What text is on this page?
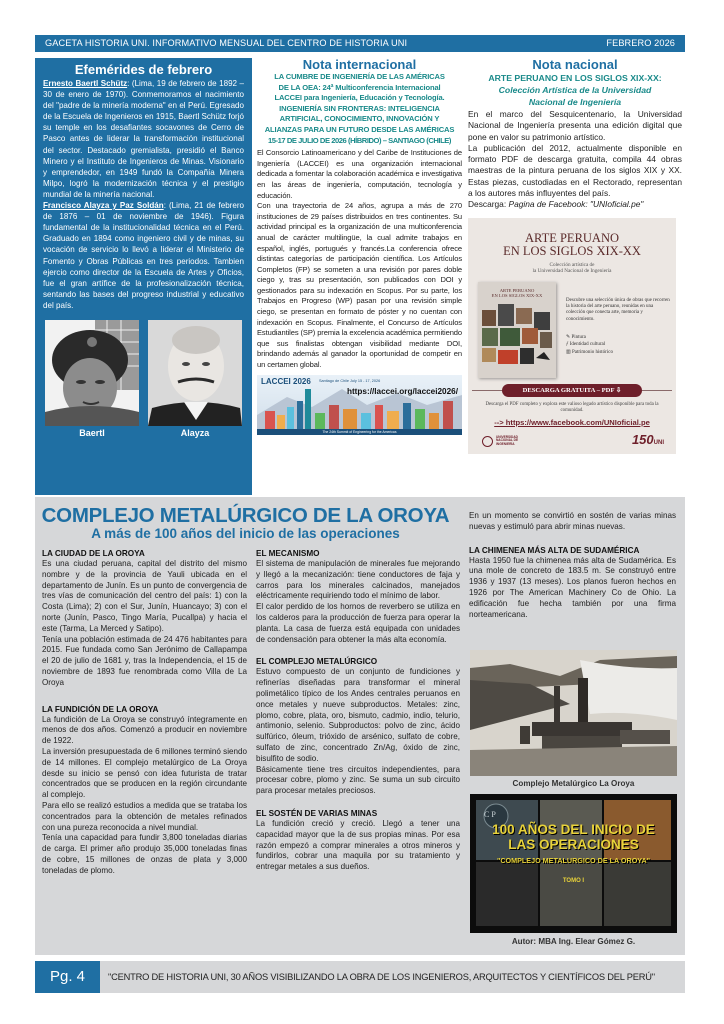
GACETA HISTORIA UNI. INFORMATIVO MENSUAL DEL CENTRO DE HISTORIA UNI	FEBRERO 2026
Efemérides de febrero

Ernesto Baertl Schütz: (Lima, 19 de febrero de 1892 – 30 de enero de 1970). Conmemoramos el nacimiento del "padre de la minería moderna" en el Perú. Egresado de la Escuela de Ingenieros en 1915, Baertl Schütz forjó su temple en los desafiantes socavones de Cerro de Pasco antes de liderar la transformación institucional del sector. Destacado gremialista, presidió el Banco Minero y el Instituto de Ingenieros de Minas. Visionario y emprendedor, en 1949 fundó la Compañía Minera Milpo, logró la modernización técnica y el prestigio mundial de la minería nacional.

Francisco Alayza y Paz Soldán: (Lima, 21 de febrero de 1876 – 01 de noviembre de 1946). Figura fundamental de la institucionalidad técnica en el Perú. Graduado en 1894 como ingeniero civil y de minas, su vocación de servicio lo llevó a liderar el Ministerio de Fomento y Obras Públicas en tres periodos. Tambien ejercio como director de la Escuela de Artes y Oficios, fue el gran artífice de la profesionalización técnica, sentando las bases del progreso industrial y educativo del país.

Baertl	Alayza
Nota internacional

LA CUMBRE DE INGENIERÍA DE LAS AMÉRICAS

DE LA OEA: 24ª Multiconferencia Internacional

LACCEI para Ingeniería, Educación y Tecnología.

INGENIERÍA SIN FRONTERAS: INTELIGENCIA

ARTIFICIAL, CONOCIMIENTO, INNOVACIÓN Y

ALIANZAS PARA UN FUTURO DESDE LAS AMÉRICAS

15-17 DE JULIO DE 2026 (HÍBRIDO) – SANTIAGO (CHILE)

El Consorcio Latinoamericano y del Caribe de Instituciones de Ingeniería (LACCEI) es una organización internacional dedicada a fomentar la colaboración académica e investigativa en las áreas de ingeniería, computación, tecnología y educación.

Con una trayectoria de 24 años, agrupa a más de 270 instituciones de 29 países distribuidos en tres continentes. Su actividad principal es la organización de una multiconferencia anual de carácter multilingüe, la cual admite trabajos en español, inglés, portugués y francés.La conferencia ofrece distintas categorías de participación científica. Los Artículos Completos (FP) se someten a una revisión por pares doble ciego y, tras su presentación, son publicados con DOI y gestionados para su indexación en Scopus. Por su parte, los Trabajos en Progreso (WP) pasan por una revisión simple ciego, se presentan en formato de póster y no cuentan con indexación en Scopus. Finalmente, el Concurso de Artículos Estudiantiles (SP) premia la excelencia académica permitiendo que sus finalistas obtengan visibilidad mediante DOI, brindando además al ganador la oportunidad de competir en un certamen global.

LACCEI 2026 Santiago de Chile July 15 - 17, 2026
https://laccei.org/laccei2026/
The 24th Summit of Engineering for the Americas
Nota nacional

ARTE PERUANO EN LOS SIGLOS XIX-XX:

Colección Artística de la Universidad

Nacional de Ingeniería

En el marco del Sesquicentenario, la Universidad Nacional de Ingeniería presenta una edición digital que pone en valor su patrimonio artístico.

La publicación del 2012, actualmente disponible en formato PDF de descarga gratuita, compila 44 obras maestras de la pintura peruana de los siglos XIX y XX. Estas piezas, custodiadas en el Rectorado, representan a los autores más influyentes del país.

Descarga: Pagina de Facebook: "UNIoficial.pe"

ARTE PERUANO
EN LOS SIGLOS XIX-XX
Colección artística de
la Universidad Nacional de Ingeniería
ARTE PERUANO
EN LOS SIGLOS XIX-XX
Descubre una selección única de obras que recorren la historia del arte peruano, reunidas en una colección que conecta arte, memoria y conocimiento.
✎ Pintura
ƒ Identidad cultural
▥ Patrimonio histórico
DESCARGA GRATUITA – PDF ⇩
Descarga el PDF completo y explora este valioso legado artístico disponible para toda la comunidad.
--> https://www.facebook.com/UNIoficial.pe
UNIVERSIDAD NACIONAL DE INGENIERÍA	150UNI
COMPLEJO METALÚRGICO DE LA OROYA
A más de 100 años del inicio de las operaciones
LA CIUDAD DE LA OROYA

Es una ciudad peruana, capital del distrito del mismo nombre y de la provincia de Yauli ubicada en el departamento de Junín. Es un punto de convergencia de tres vías de comunicación del centro del país: 1) con la Costa (Lima); 2) con el Sur, Junín, Huancayo; 3) con el norte (Junín, Pasco, Tingo María, Pucallpa) y hacia el este (Tarma, La Merced y Satipo).

Tenía una población estimada de 24 476 habitantes para 2015. Fue fundada como San Jerónimo de Callapampa el 20 de julio de 1681 y, tras la Independencia, el 15 de noviembre de 1893 fue renombrada como Villa de La Oroya

LA FUNDICIÓN DE LA OROYA

La fundición de La Oroya se construyó íntegramente en menos de dos años. Comenzó a producir en noviembre de 1922.

La inversión presupuestada de 6 millones terminó siendo de 14 millones. El complejo metalúrgico de La Oroya desde su inicio se pensó con idea futurista de tratar concentrados que se producen en la región circundante al complejo.

Para ello se realizó estudios a medida que se trataba los concentrados para la obtención de metales refinados con una pureza reconocida a nivel mundial.

Tenía una capacidad para fundir 3,800 toneladas diarias de carga. El primer año produjo 35,000 toneladas finas de cobre, 15 millones de onzas de plata y 3,000 toneladas de plomo.

EL MECANISMO

El sistema de manipulación de minerales fue mejorando y llegó a la mecanización: tiene conductores de faja y carros para los minerales calcinados, manejados eléctricamente requiriendo todo el mínimo de labor.

El calor perdido de los hornos de reverbero se utiliza en los calderos para la producción de fuerza para operar la planta. La casa de fuerza está equipada con unidades de condensación para obtener la más alta economía.

EL COMPLEJO METALÚRGICO

Estuvo compuesto de un conjunto de fundiciones y refinerías diseñadas para transformar el mineral polimetálico típico de los Andes centrales peruanos en once metales y nueve subproductos. Metales: zinc, plomo, cobre, plata, oro, bismuto, cadmio, indio, telurio, antimonio, selenio. Subproductos: polvo de zinc, ácido sulfúrico, óleum, trióxido de arsénico, sulfato de cobre, sulfato de zinc, concentrado Zn/Ag, óxido de zinc, bisulfito de sodio.

Básicamente tiene tres circuitos independientes, para procesar cobre, plomo y zinc. Se suma un sub circuito para procesar metales preciosos.

EL SOSTÉN DE VARIAS MINAS

La fundición creció y creció. Llegó a tener una capacidad mayor que la de sus propias minas. Por esa razón empezó a comprar minerales a otros mineros y fundirlos, cobrar una maquila por su tratamiento y entregar metales a sus dueños.

En un momento se convirtió en sostén de varias minas nuevas y estimuló para abrir minas nuevas.

LA CHIMENEA MÁS ALTA DE SUDAMÉRICA

Hasta 1950 fue la chimenea más alta de Sudamérica. Es una mole de concreto de 183.5 m. Se construyó entre 1936 y 1937 (13 meses). Los planos fueron hechos en 1926 por The American Machinery Co de Ohio. La edificación fue hecha también por una firma norteamericana.

Complejo Metalúrgico La Oroya
C P
100 AÑOS DEL INICIO DE
LAS OPERACIONES
"COMPLEJO METALURGICO DE LA OROYA"
TOMO I
Autor: MBA Ing. Elear Gómez G.
Pg. 4	"CENTRO DE HISTORIA UNI, 30 AÑOS VISIBILIZANDO LA OBRA DE LOS INGENIEROS, ARQUITECTOS Y CIENTÍFICOS DEL PERÚ"
